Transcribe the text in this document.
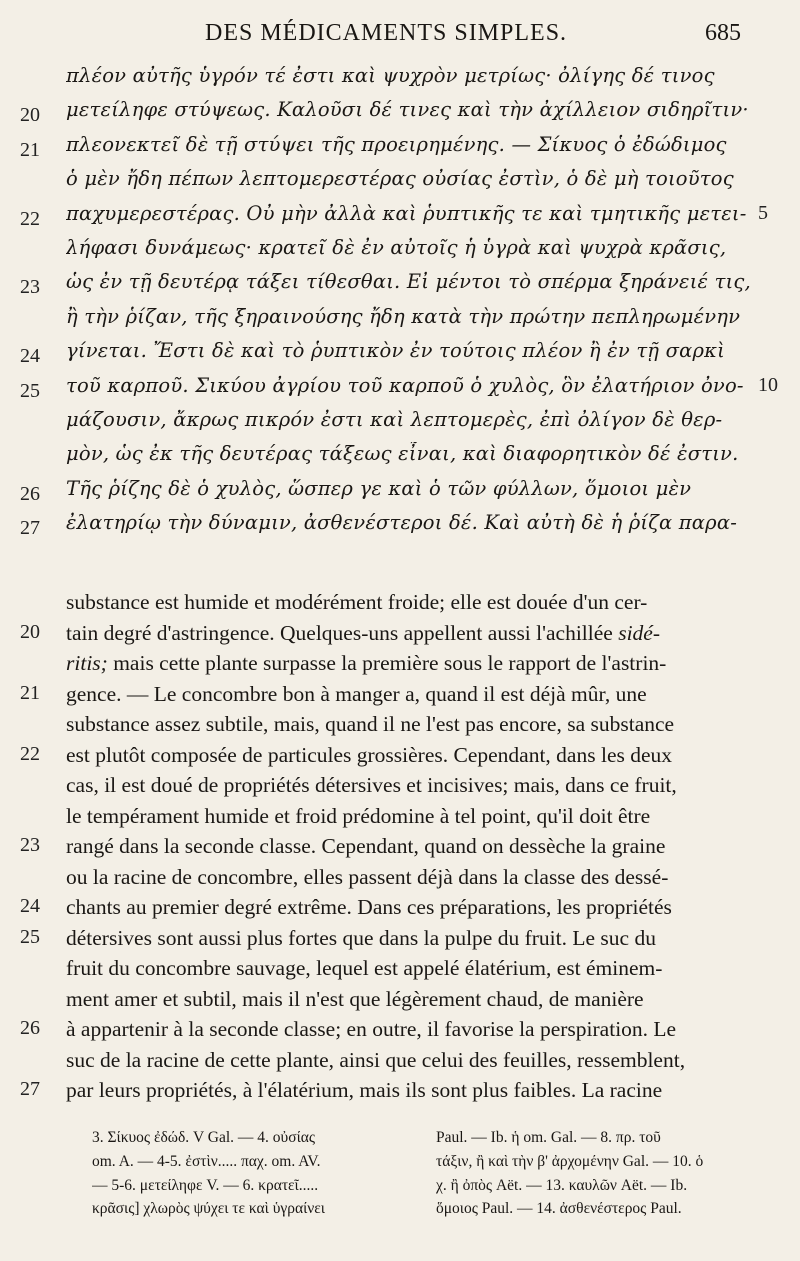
DES MÉDICAMENTS SIMPLES.	685
πλέον αὐτῆς ὑγρόν τέ ἐστι καὶ ψυχρὸν μετρίως· ὀλίγης δέ τινος
20	μετείληφε στύψεως. Καλοῦσι δέ τινες καὶ τὴν ἀχίλλειον σιδηρῖτιν·
21	πλεονεκτεῖ δὲ τῇ στύψει τῆς προειρημένης. — Σίκυος ὁ ἐδώδιμος
ὁ μὲν ἤδη πέπων λεπτομερεστέρας οὐσίας ἐστὶν, ὁ δὲ μὴ τοιοῦτος
22	παχυμερεστέρας. Οὐ μὴν ἀλλὰ καὶ ῥυπτικῆς τε καὶ τμητικῆς μετει- 5
λήφασι δυνάμεως· κρατεῖ δὲ ἐν αὐτοῖς ἡ ὑγρὰ καὶ ψυχρὰ κρᾶσις,
23	ὡς ἐν τῇ δευτέρᾳ τάξει τίθεσθαι. Εἰ μέντοι τὸ σπέρμα ξηράνειέ τις,
ἢ τὴν ῥίζαν, τῆς ξηραινούσης ἤδη κατὰ τὴν πρώτην πεπληρωμένην
24	γίνεται. Ἔστι δὲ καὶ τὸ ῥυπτικὸν ἐν τούτοις πλέον ἢ ἐν τῇ σαρκὶ
25	τοῦ καρποῦ. Σικύου ἀγρίου τοῦ καρποῦ ὁ χυλὸς, ὃν ἐλατήριον ὀνο- 10
μάζουσιν, ἄκρως πικρόν ἐστι καὶ λεπτομερὲς, ἐπὶ ὀλίγον δὲ θερ-
μὸν, ὡς ἐκ τῆς δευτέρας τάξεως εἶναι, καὶ διαφορητικὸν δέ ἐστιν.
26	Τῆς ῥίζης δὲ ὁ χυλὸς, ὥσπερ γε καὶ ὁ τῶν φύλλων, ὅμοιοι μὲν
27	ἐλατηρίῳ τὴν δύναμιν, ἀσθενέστεροι δέ. Καὶ αὐτὴ δὲ ἡ ῥίζα παρα-
substance est humide et modérément froide; elle est douée d'un cer-
20	tain degré d'astringence. Quelques-uns appellent aussi l'achillée sidé-
ritis; mais cette plante surpasse la première sous le rapport de l'astrin-
21	gence. — Le concombre bon à manger a, quand il est déjà mûr, une
substance assez subtile, mais, quand il ne l'est pas encore, sa substance
22	est plutôt composée de particules grossières. Cependant, dans les deux
cas, il est doué de propriétés détersives et incisives; mais, dans ce fruit,
le tempérament humide et froid prédomine à tel point, qu'il doit être
23	rangé dans la seconde classe. Cependant, quand on dessèche la graine
ou la racine de concombre, elles passent déjà dans la classe des dessé-
24	chants au premier degré extrême. Dans ces préparations, les propriétés
25	détersives sont aussi plus fortes que dans la pulpe du fruit. Le suc du
fruit du concombre sauvage, lequel est appelé élatérium, est éminem-
ment amer et subtil, mais il n'est que légèrement chaud, de manière
26	à appartenir à la seconde classe; en outre, il favorise la perspiration. Le
suc de la racine de cette plante, ainsi que celui des feuilles, ressemblent,
27	par leurs propriétés, à l'élatérium, mais ils sont plus faibles. La racine
3. Σίκυος ἐδώδ. V Gal. — 4. οὐσίας
om. A. — 4-5. ἐστὶν..... παχ. om. AV.
— 5-6. μετείληφε V. — 6. κρατεῖ.....
κρᾶσις] χλωρὸς ψύχει τε καὶ ὑγραίνει
Paul. — Ib. ἡ om. Gal. — 8. πρ. τοῦ
τάξιν, ἢ καὶ τὴν β' ἀρχομένην Gal. — 10. ὁ
χ. ἢ ὀπὸς Aët. — 13. καυλῶν Aët. — Ib.
ὅμοιος Paul. — 14. ἀσθενέστερος Paul.
